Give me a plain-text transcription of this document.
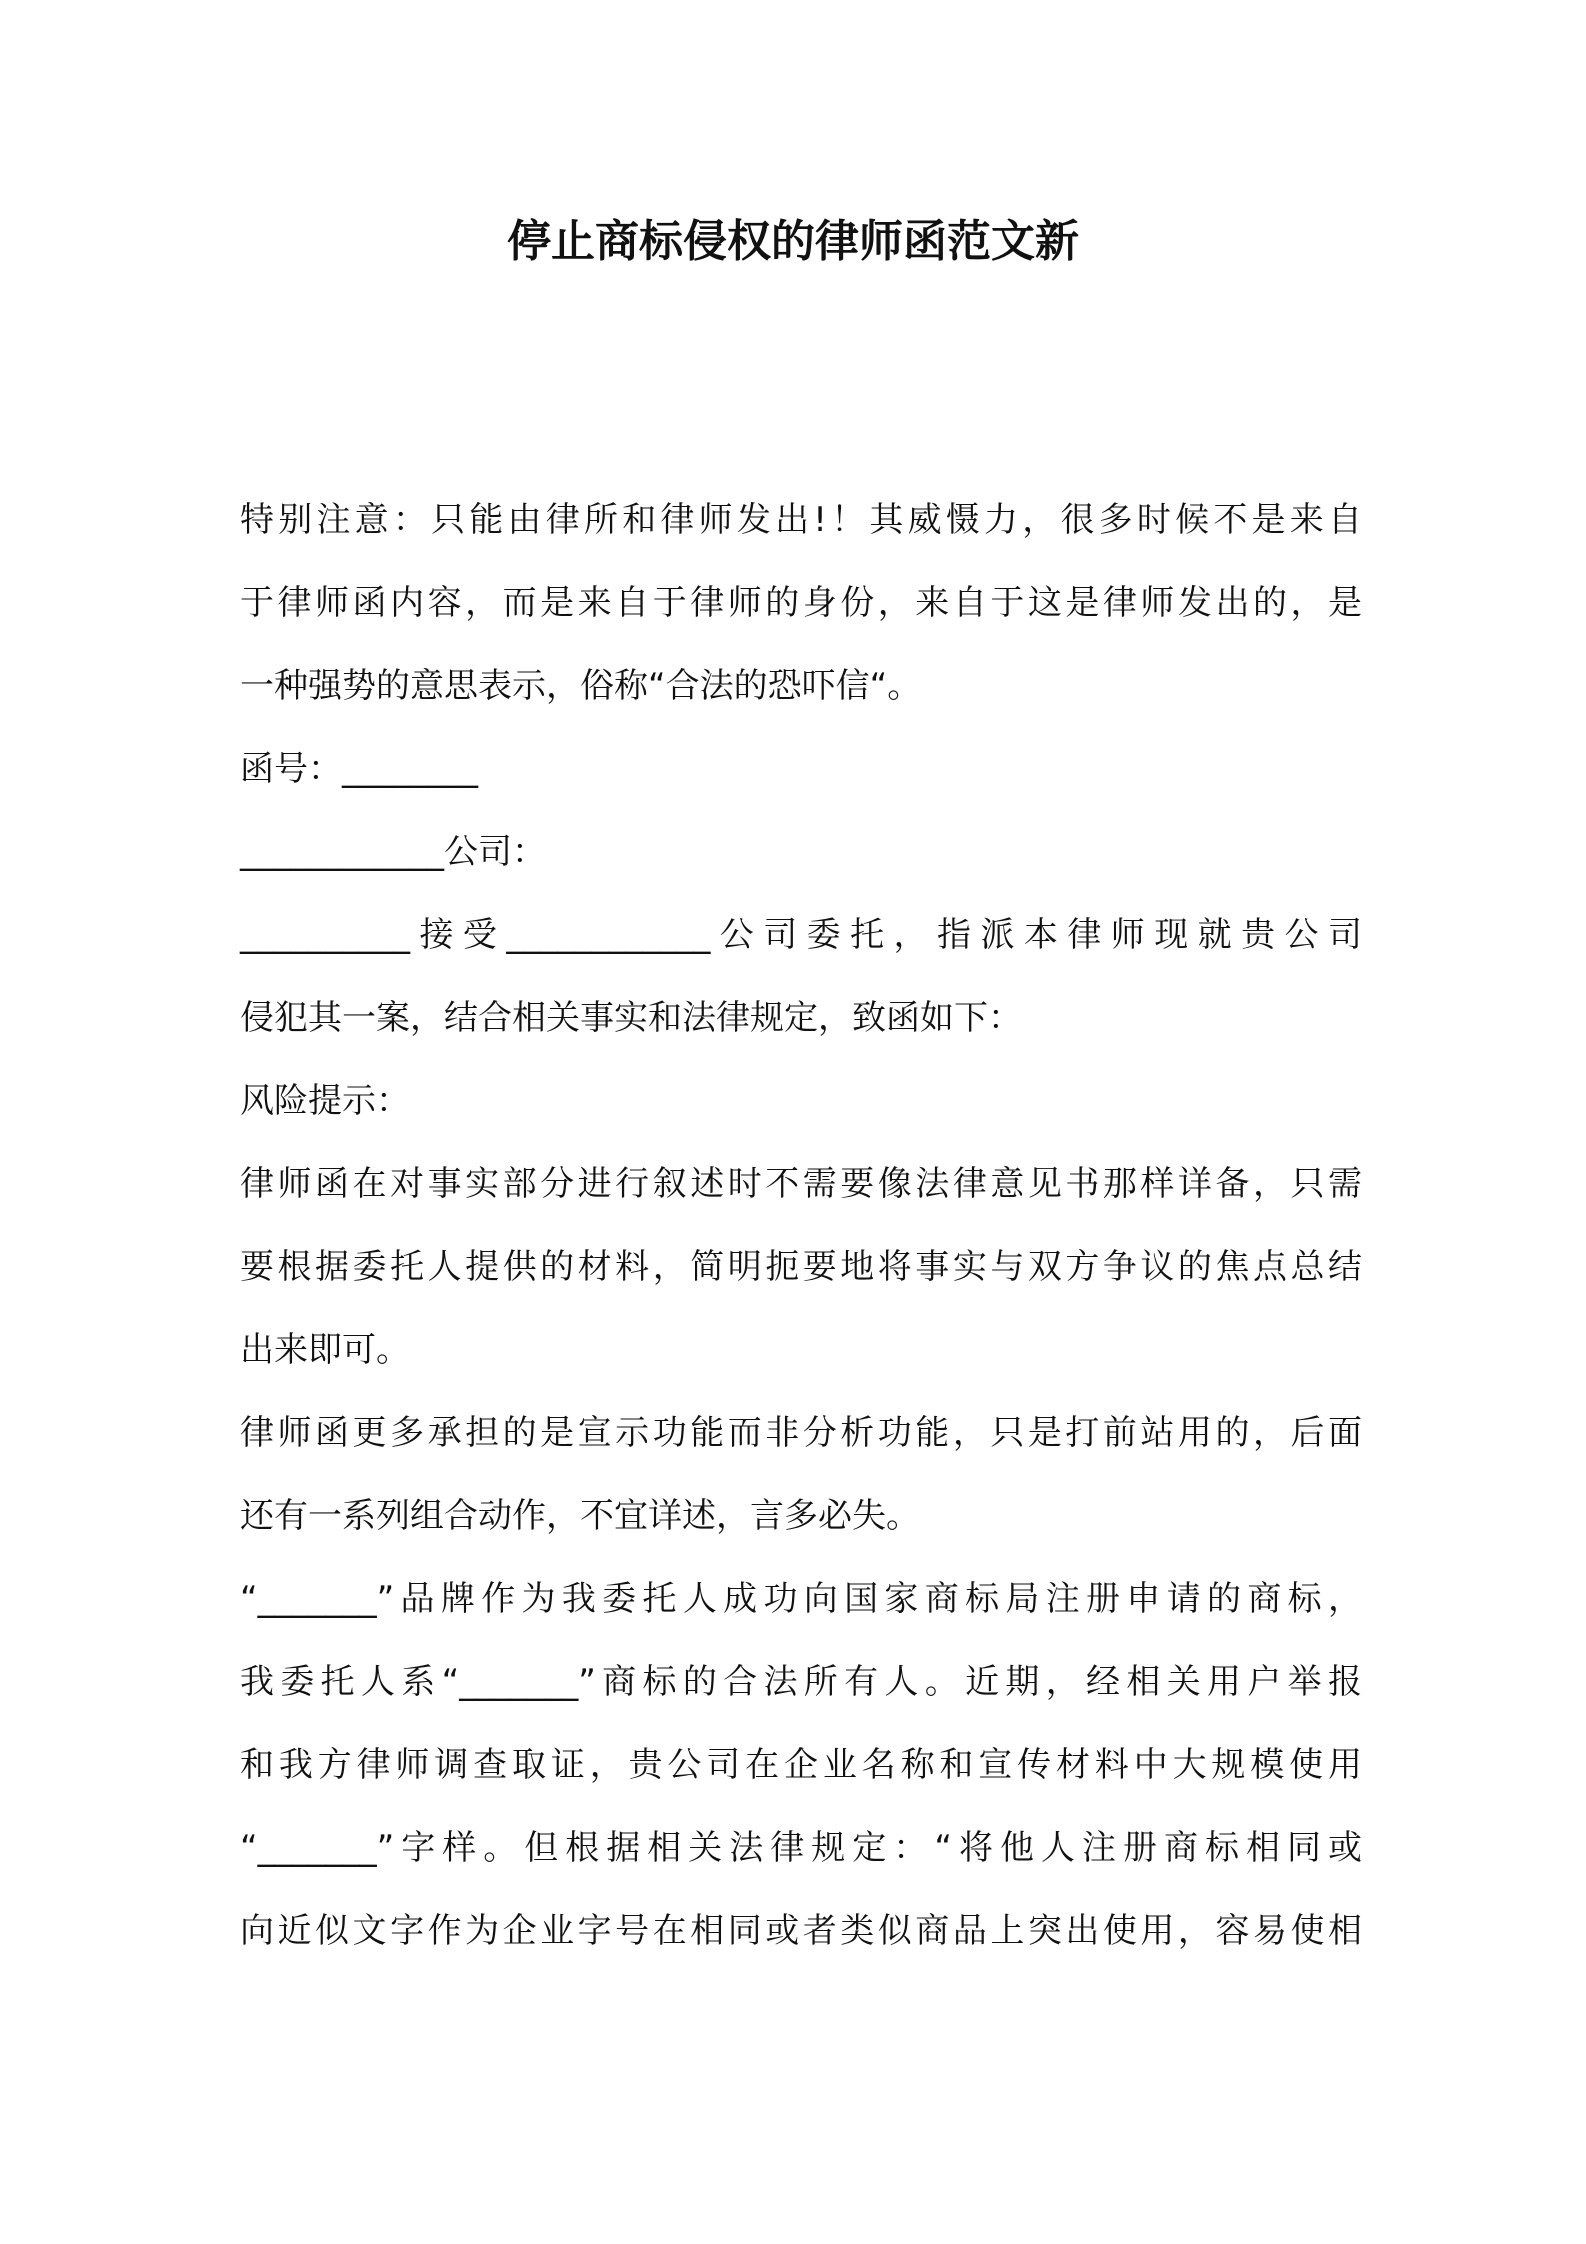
停止商标侵权的律师函范文新
特别注意：只能由律所和律师发出!！其威慑力，很多时候不是来自
于律师函内容，而是来自于律师的身份，来自于这是律师发出的，是
一种强势的意思表示，俗称“合法的恐吓信“。
函号：________
____________公司：
__________接受____________公司委托，指派本律师现就贵公司
侵犯其一案，结合相关事实和法律规定，致函如下：
风险提示：
律师函在对事实部分进行叙述时不需要像法律意见书那样详备，只需
要根据委托人提供的材料，简明扼要地将事实与双方争议的焦点总结
出来即可。
律师函更多承担的是宣示功能而非分析功能，只是打前站用的，后面
还有一系列组合动作，不宜详述，言多必失。
“_______”品牌作为我委托人成功向国家商标局注册申请的商标，
我委托人系“_______”商标的合法所有人。近期，经相关用户举报
和我方律师调查取证，贵公司在企业名称和宣传材料中大规模使用
“_______”字样。但根据相关法律规定：“将他人注册商标相同或
向近似文字作为企业字号在相同或者类似商品上突出使用，容易使相
